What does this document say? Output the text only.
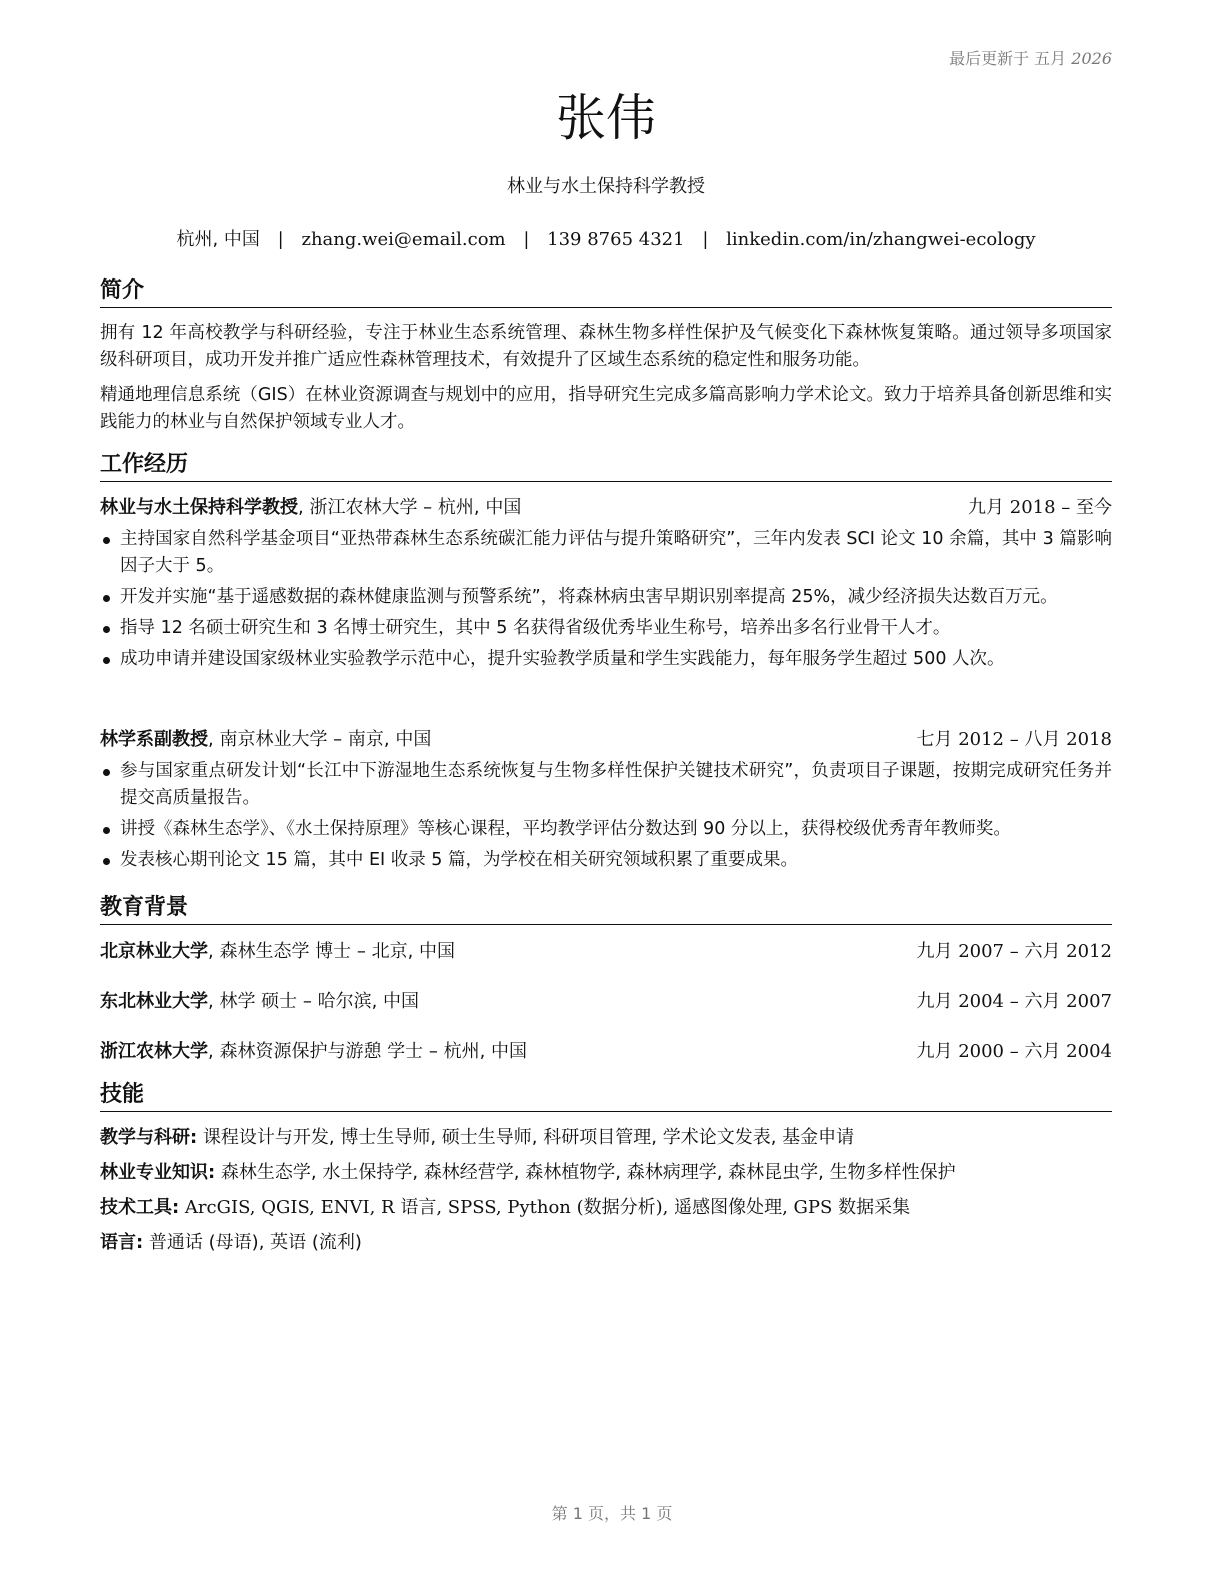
最后更新于 五月 2026
张伟
林业与水土保持科学教授
杭州, 中国 | zhang.wei@email.com | 139 8765 4321 | linkedin.com/in/zhangwei-ecology
简介
拥有 12 年高校教学与科研经验，专注于林业生态系统管理、森林生物多样性保护及气候变化下森林恢复策略。通过领导多项国家级科研项目，成功开发并推广适应性森林管理技术，有效提升了区域生态系统的稳定性和服务功能。
精通地理信息系统（GIS）在林业资源调查与规划中的应用，指导研究生完成多篇高影响力学术论文。致力于培养具备创新思维和实践能力的林业与自然保护领域专业人才。
工作经历
林业与水土保持科学教授, 浙江农林大学 – 杭州, 中国	九月 2018 – 至今
主持国家自然科学基金项目“亚热带森林生态系统碳汇能力评估与提升策略研究”，三年内发表 SCI 论文 10 余篇，其中 3 篇影响因子大于 5。
开发并实施“基于遥感数据的森林健康监测与预警系统”，将森林病虫害早期识别率提高 25%，减少经济损失达数百万元。
指导 12 名硕士研究生和 3 名博士研究生，其中 5 名获得省级优秀毕业生称号，培养出多名行业骨干人才。
成功申请并建设国家级林业实验教学示范中心，提升实验教学质量和学生实践能力，每年服务学生超过 500 人次。
林学系副教授, 南京林业大学 – 南京, 中国	七月 2012 – 八月 2018
参与国家重点研发计划“长江中下游湿地生态系统恢复与生物多样性保护关键技术研究”，负责项目子课题，按期完成研究任务并提交高质量报告。
讲授《森林生态学》、《水土保持原理》等核心课程，平均教学评估分数达到 90 分以上，获得校级优秀青年教师奖。
发表核心期刊论文 15 篇，其中 EI 收录 5 篇，为学校在相关研究领域积累了重要成果。
教育背景
北京林业大学, 森林生态学 博士 – 北京, 中国	九月 2007 – 六月 2012
东北林业大学, 林学 硕士 – 哈尔滨, 中国	九月 2004 – 六月 2007
浙江农林大学, 森林资源保护与游憩 学士 – 杭州, 中国	九月 2000 – 六月 2004
技能
教学与科研: 课程设计与开发, 博士生导师, 硕士生导师, 科研项目管理, 学术论文发表, 基金申请
林业专业知识: 森林生态学, 水土保持学, 森林经营学, 森林植物学, 森林病理学, 森林昆虫学, 生物多样性保护
技术工具: ArcGIS, QGIS, ENVI, R 语言, SPSS, Python (数据分析), 遥感图像处理, GPS 数据采集
语言: 普通话 (母语), 英语 (流利)
第 1 页，共 1 页
